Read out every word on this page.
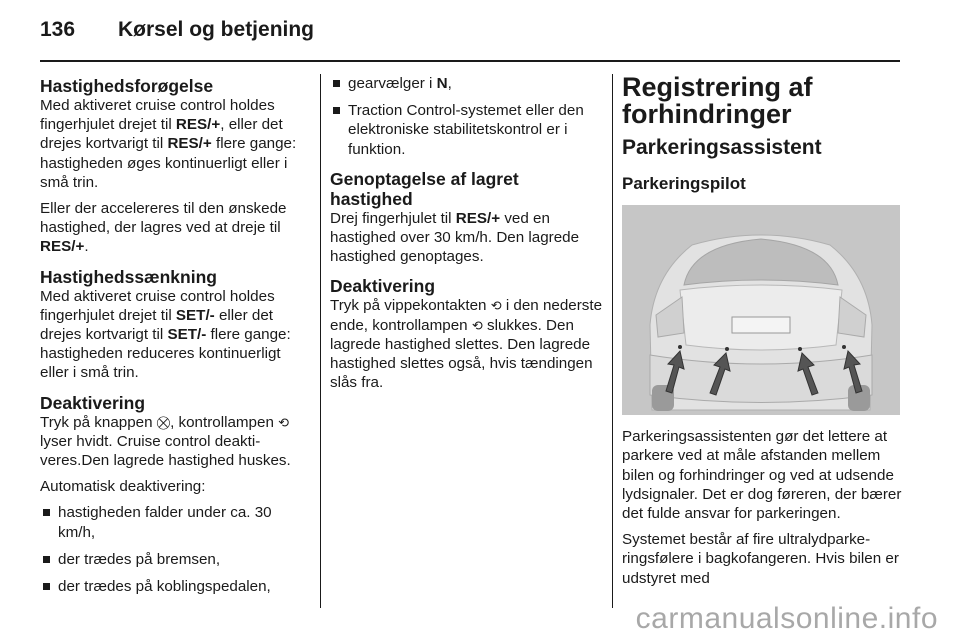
136	Kørsel og betjening
Hastighedsforøgelse

Med aktiveret cruise control holdes fingerhjulet drejet til RES/+, eller det drejes kortvarigt til RES/+ flere gange: hastigheden øges kontinuerligt eller i små trin.

Eller der accelereres til den ønskede hastighed, der lagres ved at dreje til RES/+.

Hastighedssænkning

Med aktiveret cruise control holdes fingerhjulet drejet til SET/- eller det drejes kortvarigt til SET/- flere gange: hastigheden reduceres kontinuerligt eller i små trin.

Deaktivering

Tryk på knappen ⛒, kontrollampen ⟲ lyser hvidt. Cruise control deaktiveres.Den lagrede hastighed huskes.

Automatisk deaktivering:

hastigheden falder under ca. 30 km/h,
der trædes på bremsen,
der trædes på koblingspedalen,
gearvælger i N,
Traction Control-systemet eller den elektroniske stabilitetskontrol er i funktion.
Genoptagelse af lagret hastighed

Drej fingerhjulet til RES/+ ved en hastighed over 30 km/h. Den lagrede hastighed genoptages.

Deaktivering

Tryk på vippekontakten ⟲ i den nederste ende, kontrollampen ⟲ slukkes. Den lagrede hastighed slettes. Den lagrede hastighed slettes også, hvis tændingen slås fra.

Registrering af forhindringer
Parkeringsassistent
Parkeringspilot

Parkeringsassistenten gør det lettere at parkere ved at måle afstanden mellem bilen og forhindringer og ved at udsende lydsignaler. Det er dog føreren, der bærer det fulde ansvar for parkeringen.

Systemet består af fire ultralydparkeringsfølere i bagkofangeren. Hvis bilen er udstyret med

carmanualsonline.info
